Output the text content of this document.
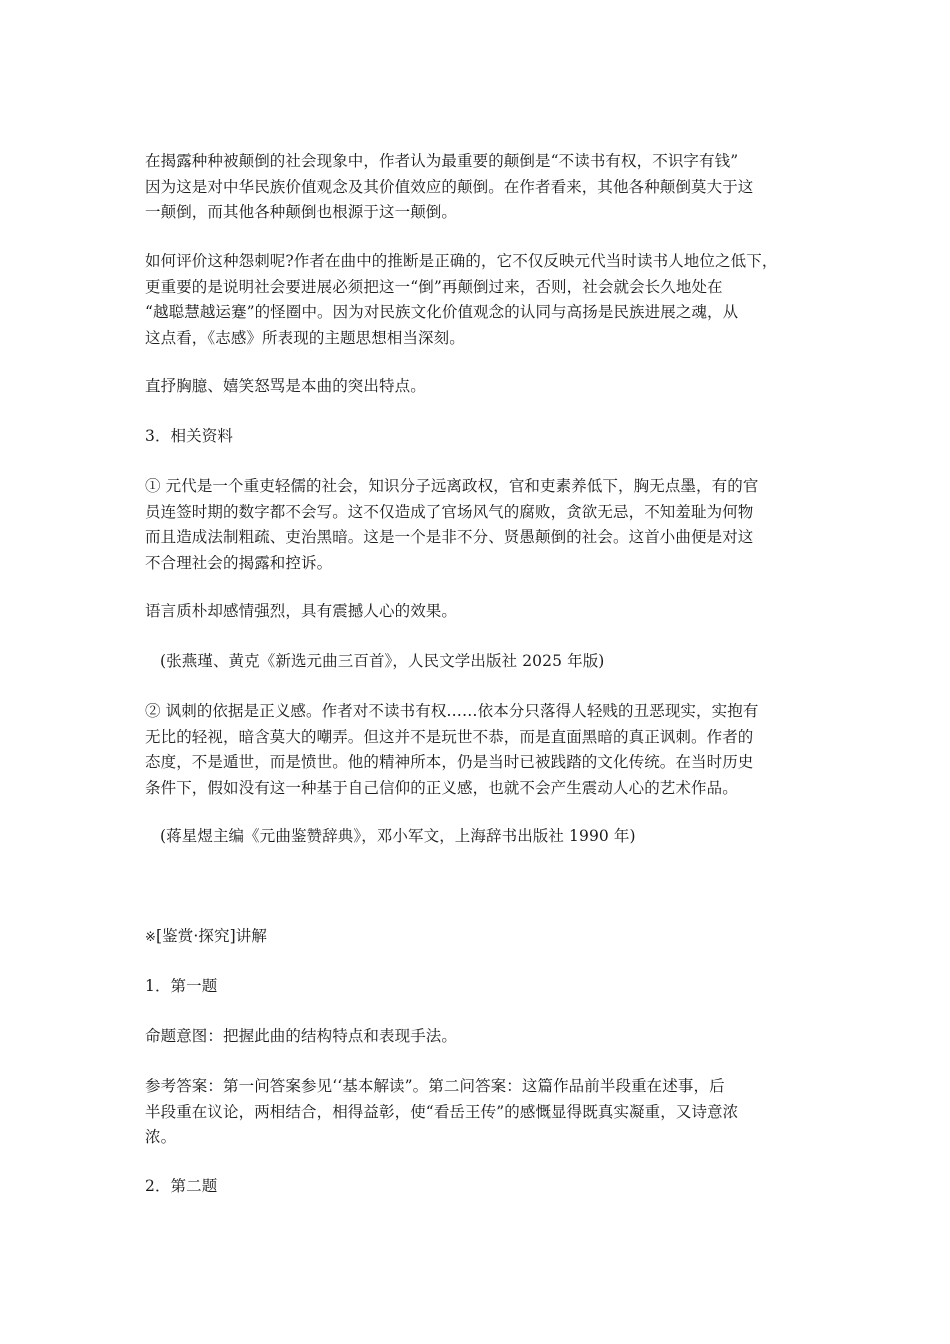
在揭露种种被颠倒的社会现象中，作者认为最重要的颠倒是“不读书有权，不识字有钱”
因为这是对中华民族价值观念及其价值效应的颠倒。在作者看来，其他各种颠倒莫大于这
一颠倒，而其他各种颠倒也根源于这一颠倒。

如何评价这种怨刺呢?作者在曲中的推断是正确的，它不仅反映元代当时读书人地位之低下，
更重要的是说明社会要进展必须把这一“倒”再颠倒过来，否则，社会就会长久地处在
“越聪慧越运蹇”的怪圈中。因为对民族文化价值观念的认同与高扬是民族进展之魂，从
这点看，《志感》所表现的主题思想相当深刻。

直抒胸臆、嬉笑怒骂是本曲的突出特点。

3．相关资料

① 元代是一个重吏轻儒的社会，知识分子远离政权，官和吏素养低下，胸无点墨，有的官
员连签时期的数字都不会写。这不仅造成了官场风气的腐败，贪欲无忌，不知羞耻为何物
而且造成法制粗疏、吏治黑暗。这是一个是非不分、贤愚颠倒的社会。这首小曲便是对这
不合理社会的揭露和控诉。

语言质朴却感情强烈，具有震撼人心的效果。

(张燕瑾、黄克《新选元曲三百首》，人民文学出版社 2025 年版)

② 讽刺的依据是正义感。作者对不读书有权……依本分只落得人轻贱的丑恶现实，实抱有
无比的轻视，暗含莫大的嘲弄。但这并不是玩世不恭，而是直面黑暗的真正讽刺。作者的
态度，不是遁世，而是愤世。他的精神所本，仍是当时已被践踏的文化传统。在当时历史
条件下，假如没有这一种基于自己信仰的正义感，也就不会产生震动人心的艺术作品。

(蒋星煜主编《元曲鉴赞辞典》，邓小军文，上海辞书出版社 1990 年)

※[鉴赏·探究]讲解

1．第一题

命题意图：把握此曲的结构特点和表现手法。

参考答案：第一问答案参见‘‘基本解读”。第二问答案：这篇作品前半段重在述事，后
半段重在议论，两相结合，相得益彰，使“看岳王传”的感慨显得既真实凝重，又诗意浓
浓。

2．第二题
